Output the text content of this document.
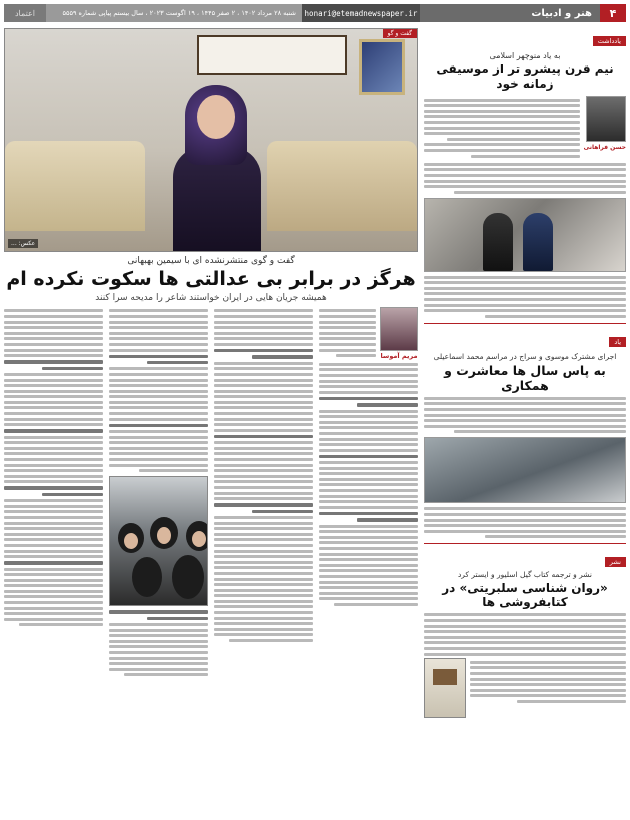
۴
هنر و ادبیات
honari@etemadnewspaper.ir
شنبه ۲۸ مرداد ۱۴۰۲ ، ۲ صفر ۱۴۴۵ ، ۱۹ اگوست ۲۰۲۳ ، سال بیستم پیاپی شماره ۵۵۵۹
اعتماد
یادداشت
به یاد منوچهر اسلامی
نیم قرن پیشرو تر از موسیقی زمانه خود
حسن فراهانی
یاد
اجرای مشترک موسوی و سراج در مراسم محمد اسماعیلی
به پاس سال ها معاشرت و همکاری
نشر
نشر و ترجمه کتاب گیل اسلیور و ایستر کرد
«روان شناسی سلبریتی» در کتابفروشی ها
گفت و گو
عکس: ...
گفت و گوی منتشرنشده ای با سیمین بهبهانی
هرگز در برابر بی عدالتی ها سکوت نکرده ام
همیشه جریان هایی در ایران خواستند شاعر را مدیحه سرا کنند
مریم آموسا
